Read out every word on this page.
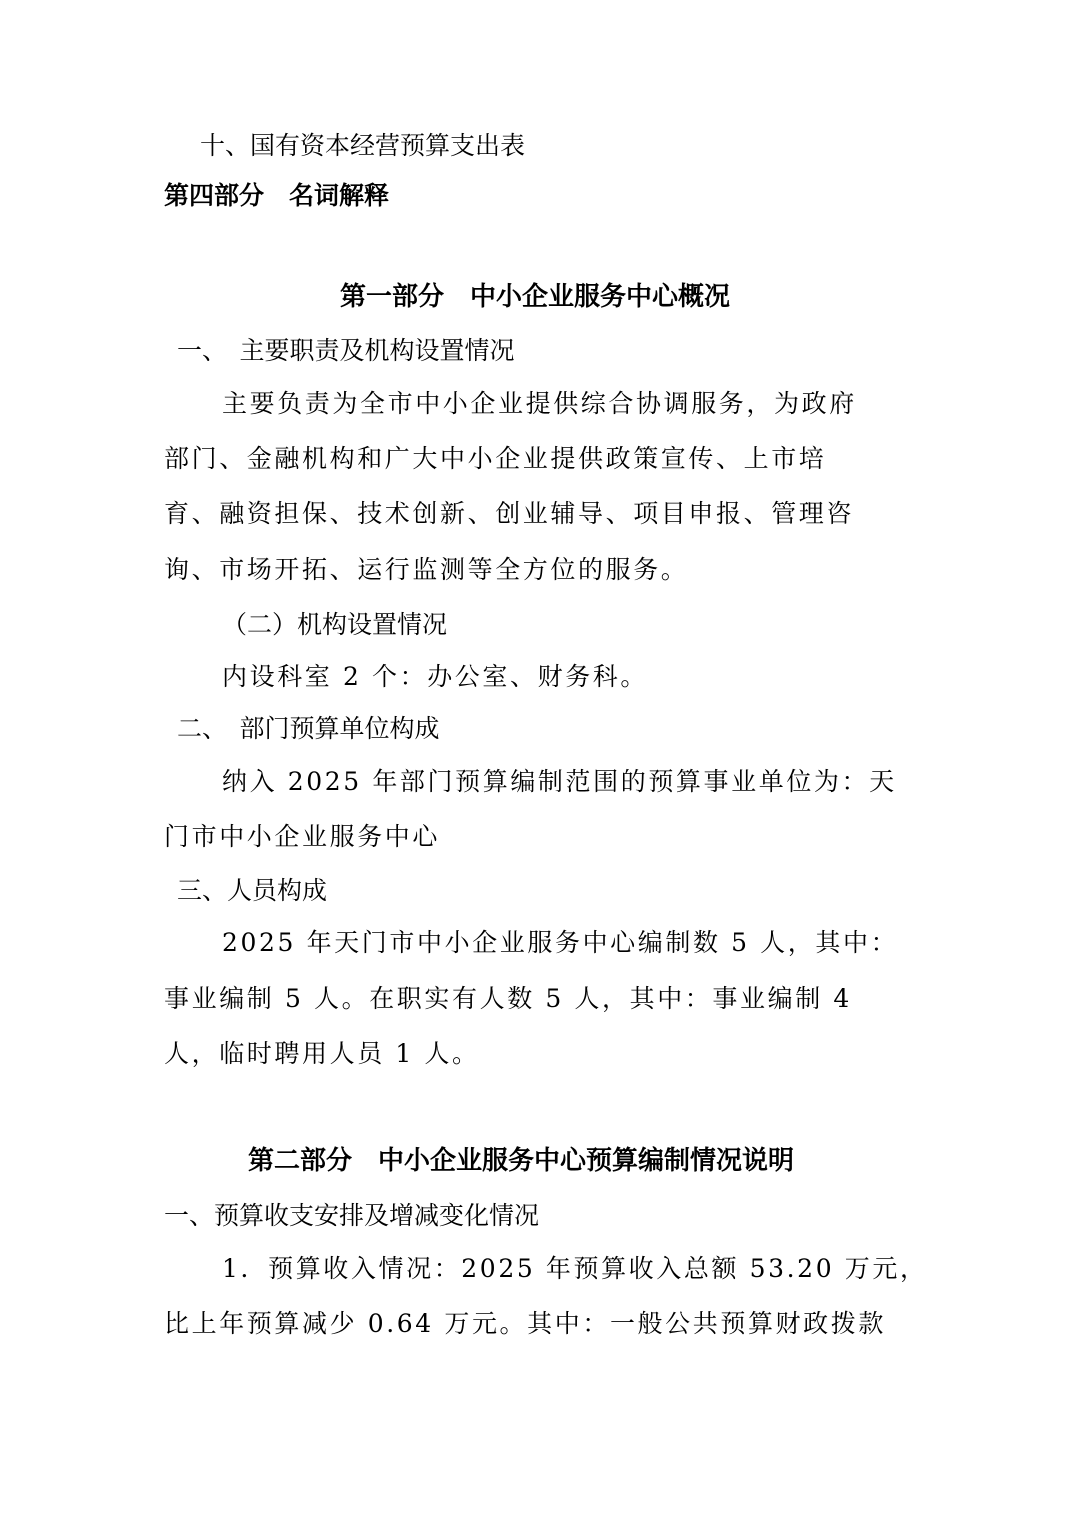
十、国有资本经营预算支出表
第四部分　名词解释
第一部分　中小企业服务中心概况
一、　主要职责及机构设置情况
主要负责为全市中小企业提供综合协调服务，为政府
部门、金融机构和广大中小企业提供政策宣传、上市培
育、融资担保、技术创新、创业辅导、项目申报、管理咨
询、市场开拓、运行监测等全方位的服务。
（二）机构设置情况
内设科室 2 个：办公室、财务科。
二、　部门预算单位构成
纳入 2025 年部门预算编制范围的预算事业单位为：天
门市中小企业服务中心
三、人员构成
2025 年天门市中小企业服务中心编制数 5 人，其中：
事业编制 5 人。在职实有人数 5 人，其中：事业编制 4
人，临时聘用人员 1 人。
第二部分　中小企业服务中心预算编制情况说明
一、预算收支安排及增减变化情况
1．预算收入情况：2025 年预算收入总额 53.20 万元，
比上年预算减少 0.64 万元。其中：一般公共预算财政拨款
